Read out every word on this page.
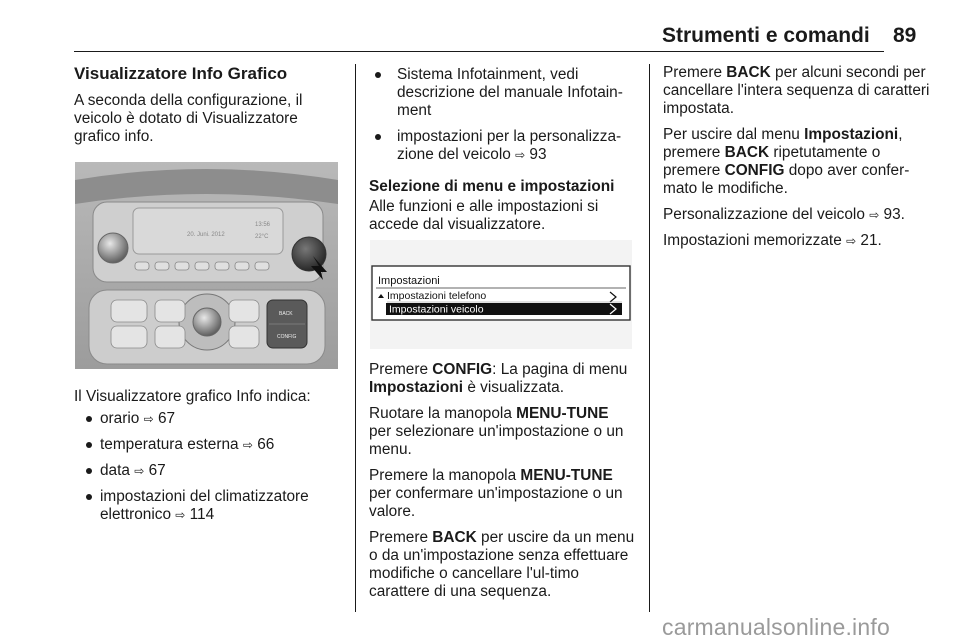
Strumenti e comandi 89
Visualizzatore Info Grafico

A seconda della configurazione, il veicolo è dotato di Visualizzatore grafico info.

20. Juni. 2012
13:56
22°C
BACK
CONFIG

Il Visualizzatore grafico Info indica:

orario ⇨ 67
temperatura esterna ⇨ 66
data ⇨ 67
impostazioni del climatizzatore elettronico ⇨ 114
Sistema Infotainment, vedi descrizione del manuale Infotain-ment
impostazioni per la personalizza-zione del veicolo ⇨ 93
Selezione di menu e impostazioni

Alle funzioni e alle impostazioni si accede dal visualizzatore.

Impostazioni
Impostazioni telefono
Impostazioni veicolo

Premere CONFIG: La pagina di menu Impostazioni è visualizzata.

Ruotare la manopola MENU-TUNE per selezionare un'impostazione o un menu.

Premere la manopola MENU-TUNE per confermare un'impostazione o un valore.

Premere BACK per uscire da un menu o da un'impostazione senza effettuare modifiche o cancellare l'ul-timo carattere di una sequenza.

Premere BACK per alcuni secondi per cancellare l'intera sequenza di caratteri impostata.

Per uscire dal menu Impostazioni, premere BACK ripetutamente o premere CONFIG dopo aver confer-mato le modifiche.

Personalizzazione del veicolo ⇨ 93.

Impostazioni memorizzate ⇨ 21.

carmanualsonline.info
